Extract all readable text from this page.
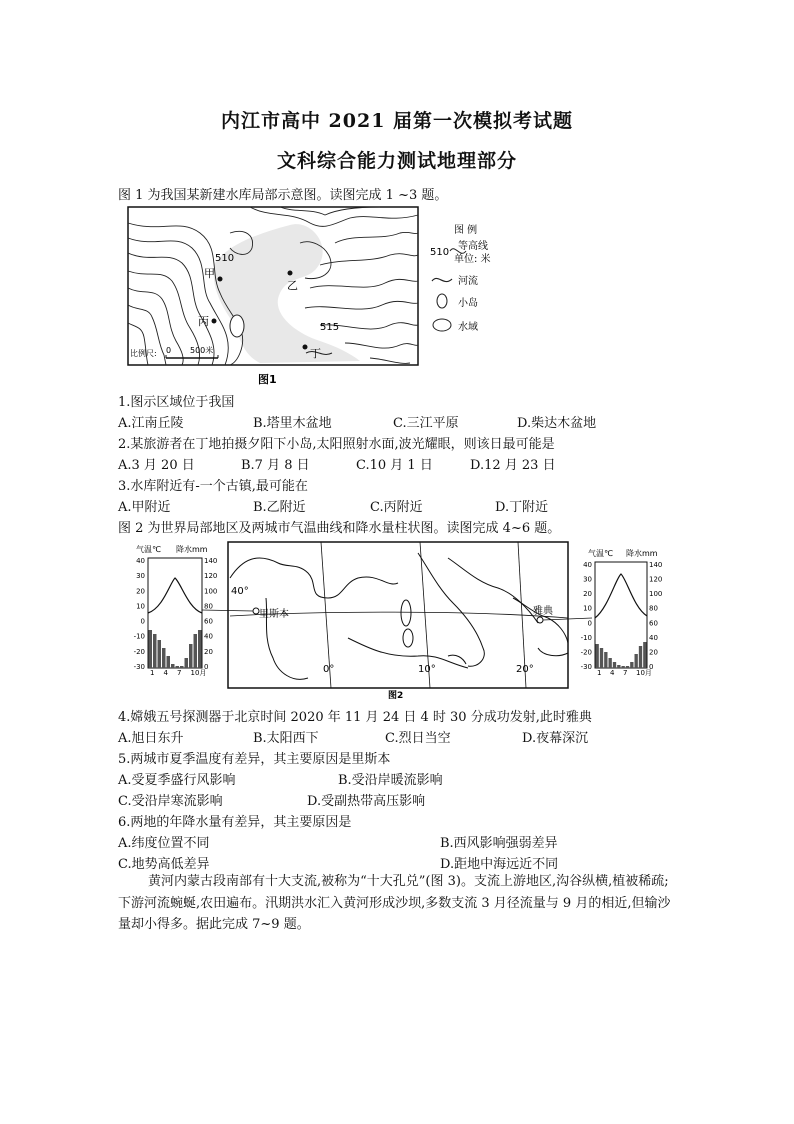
内江市高中 2021 届第一次模拟考试题
文科综合能力测试地理部分
图 1 为我国某新建水库局部示意图。读图完成 1 ~3 题。
甲
乙
丙
丁
510
515
比例尺: 0 500米
图 例
510
等高线
单位: 米
河流
小岛
水域
图1
1.图示区域位于我国
A.江南丘陵	B.塔里木盆地	C.三江平原	D.柴达木盆地
2.某旅游者在丁地拍摄夕阳下小岛,太阳照射水面,波光耀眼，则该日最可能是
A.3 月 20 日	B.7 月 8 日	C.10 月 1 日	D.12 月 23 日
3.水库附近有-一个古镇,最可能在
A.甲附近	B.乙附近	C.丙附近	D.丁附近
图 2 为世界局部地区及两城市气温曲线和降水量柱状图。读图完成 4~6 题。
气温℃ 降水mm
40
30
20
10
0
-10
-20
-30
140
120
100
80
60
40
20
0
1 4 7 10月
40°
0°	10°	20°
里斯本	雅典
气温℃ 降水mm
40
30
20
10
0
-10
-20
-30
140
120
100
80
60
40
20
0
1 4 7 10月
图2
4.嫦娥五号探测器于北京时间 2020 年 11 月 24 日 4 时 30 分成功发射,此时雅典
A.旭日东升	B.太阳西下	C.烈日当空	D.夜幕深沉
5.两城市夏季温度有差异，其主要原因是里斯本
A.受夏季盛行风影响	B.受沿岸暖流影响
C.受沿岸寒流影响	D.受副热带高压影响
6.两地的年降水量有差异，其主要原因是
A.纬度位置不同	B.西风影响强弱差异
C.地势高低差异	D.距地中海远近不同
黄河内蒙古段南部有十大支流,被称为“十大孔兑”(图 3)。支流上游地区,沟谷纵横,植被稀疏;下游河流蜿蜒,农田遍布。汛期洪水汇入黄河形成沙坝,多数支流 3 月径流量与 9 月的相近,但输沙量却小得多。据此完成 7~9 题。
